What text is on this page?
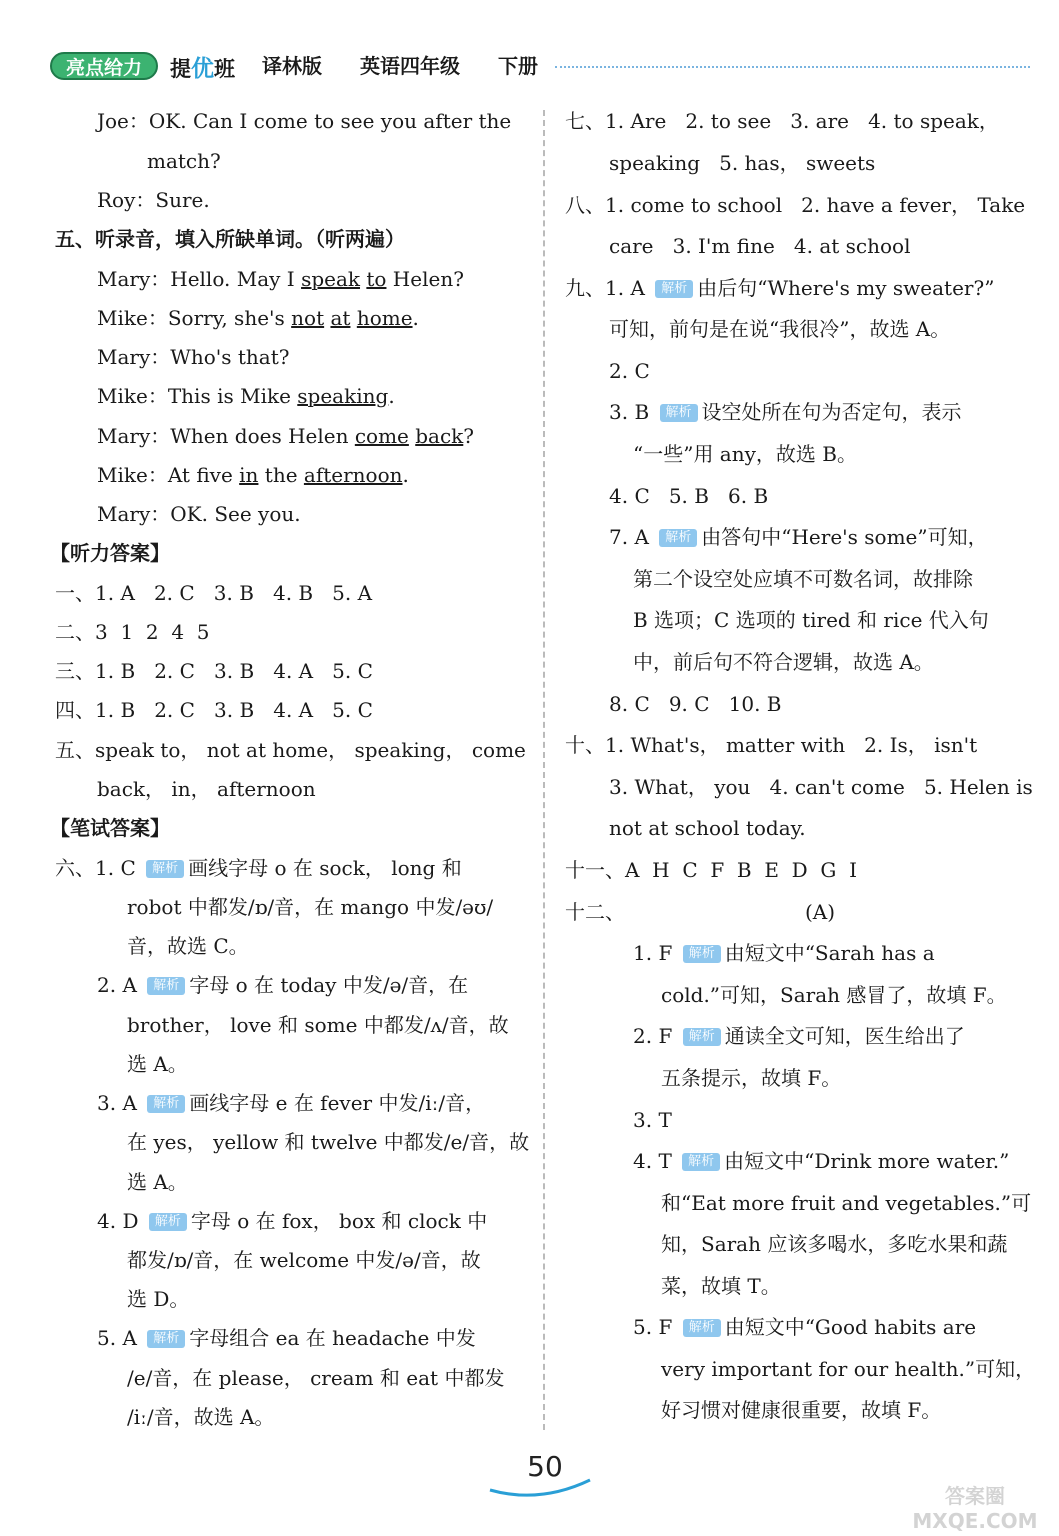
亮点给力	提优班 译林版 英语四年级 下册
Joe：OK. Can I come to see you after the
match?
Roy：Sure.
五、听录音，填入所缺单词。（听两遍）
Mary：Hello. May I speak to Helen?
Mike：Sorry, she's not at home.
Mary：Who's that?
Mike：This is Mike speaking.
Mary：When does Helen come back?
Mike：At five in the afternoon.
Mary：OK. See you.
【听力答案】
一、1. A   2. C   3. B   4. B   5. A
二、3  1  2  4  5
三、1. B   2. C   3. B   4. A   5. C
四、1. B   2. C   3. B   4. A   5. C
五、speak to， not at home， speaking， come
back， in， afternoon
【笔试答案】
六、1. C 解析 画线字母 o 在 sock， long 和
robot 中都发/ɒ/音，在 mango 中发/əʊ/
音，故选 C。
2. A 解析 字母 o 在 today 中发/ə/音，在
brother， love 和 some 中都发/ʌ/音，故
选 A。
3. A 解析 画线字母 e 在 fever 中发/iː/音，
在 yes， yellow 和 twelve 中都发/e/音，故
选 A。
4. D 解析 字母 o 在 fox， box 和 clock 中
都发/ɒ/音，在 welcome 中发/ə/音，故
选 D。
5. A 解析 字母组合 ea 在 headache 中发
/e/音，在 please， cream 和 eat 中都发
/iː/音，故选 A。
七、1. Are   2. to see   3. are   4. to speak，
speaking   5. has， sweets
八、1. come to school   2. have a fever， Take
care   3. I'm fine   4. at school
九、1. A 解析 由后句“Where's my sweater?”
可知，前句是在说“我很冷”，故选 A。
2. C
3. B 解析 设空处所在句为否定句，表示
“一些”用 any，故选 B。
4. C   5. B   6. B
7. A 解析 由答句中“Here's some”可知，
第二个设空处应填不可数名词，故排除
B 选项；C 选项的 tired 和 rice 代入句
中，前后句不符合逻辑，故选 A。
8. C   9. C   10. B
十、1. What's， matter with   2. Is， isn't
3. What， you   4. can't come   5. Helen is
not at school today.
十一、A  H  C  F  B  E  D  G  I
十二、	(A)
1. F 解析 由短文中“Sarah has a
cold.”可知，Sarah 感冒了，故填 F。
2. F 解析 通读全文可知，医生给出了
五条提示，故填 F。
3. T
4. T 解析 由短文中“Drink more water.”
和“Eat more fruit and vegetables.”可
知，Sarah 应该多喝水，多吃水果和蔬
菜，故填 T。
5. F 解析 由短文中“Good habits are
very important for our health.”可知，
好习惯对健康很重要，故填 F。
50
答案圈 MXQE.COM
